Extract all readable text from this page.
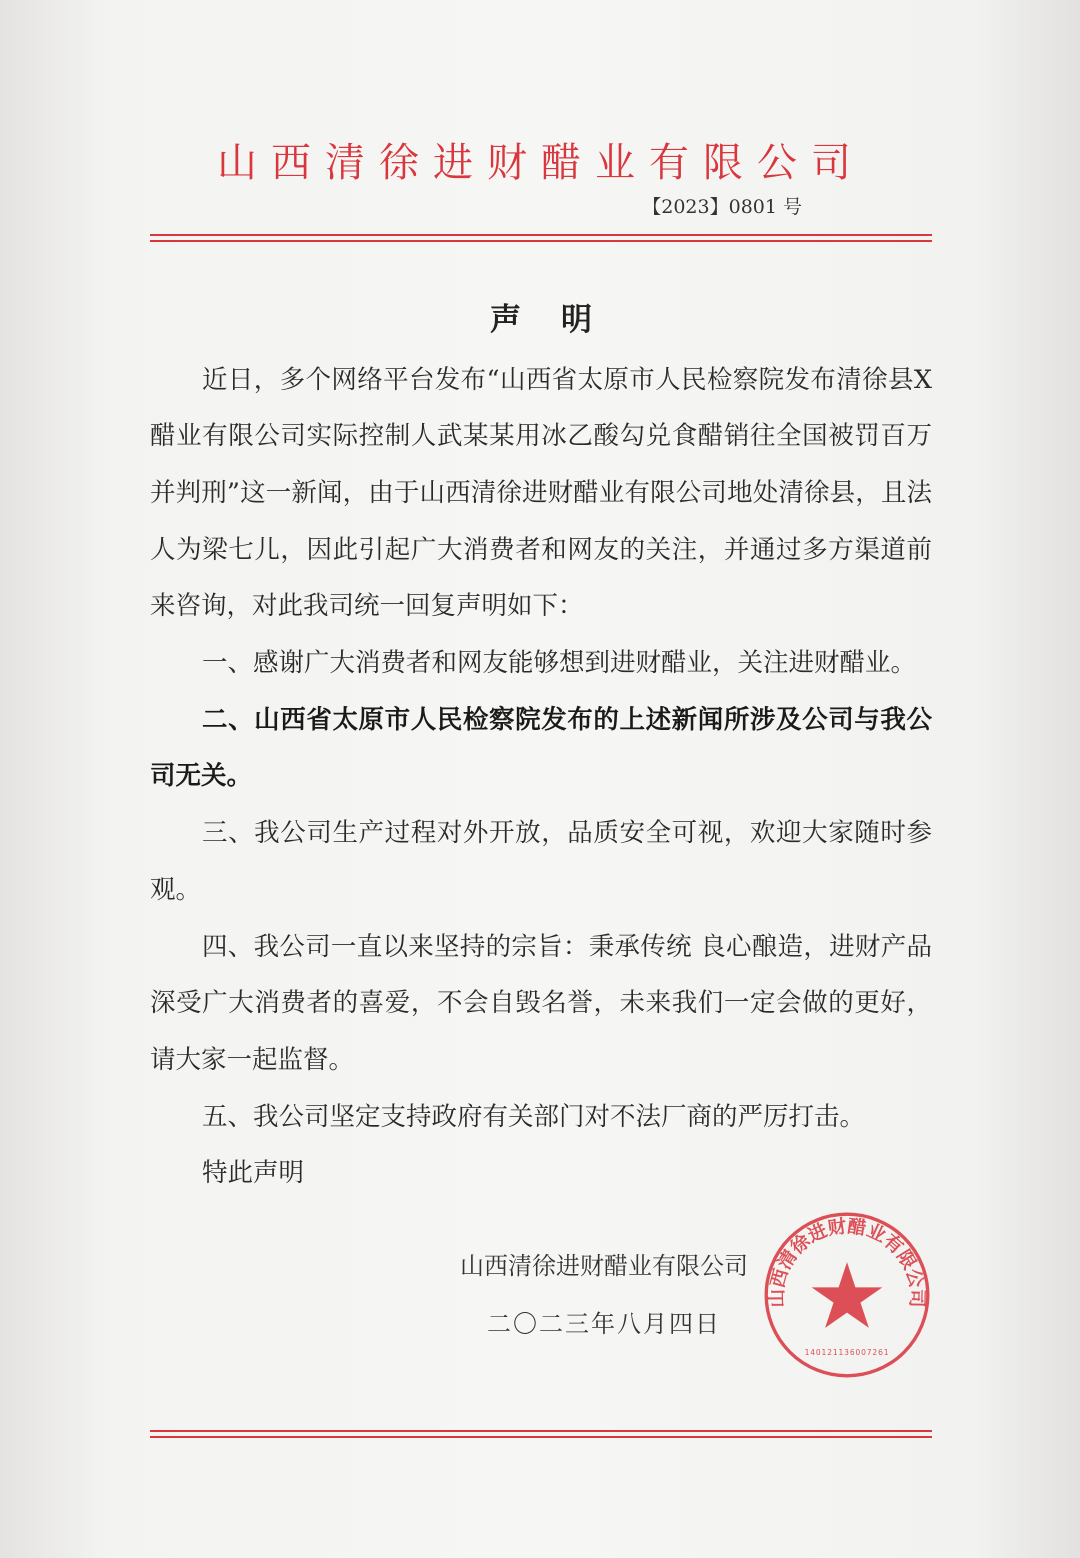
山西清徐进财醋业有限公司
【2023】0801 号
声明

近日，多个网络平台发布“山西省太原市人民检察院发布清徐县X醋业有限公司实际控制人武某某用冰乙酸勾兑食醋销往全国被罚百万并判刑”这一新闻，由于山西清徐进财醋业有限公司地处清徐县，且法人为梁七儿，因此引起广大消费者和网友的关注，并通过多方渠道前来咨询，对此我司统一回复声明如下：

一、感谢广大消费者和网友能够想到进财醋业，关注进财醋业。

二、山西省太原市人民检察院发布的上述新闻所涉及公司与我公司无关。

三、我公司生产过程对外开放，品质安全可视，欢迎大家随时参观。

四、我公司一直以来坚持的宗旨：秉承传统 良心酿造，进财产品深受广大消费者的喜爱，不会自毁名誉，未来我们一定会做的更好，请大家一起监督。

五、我公司坚定支持政府有关部门对不法厂商的严厉打击。

特此声明

山西清徐进财醋业有限公司
二〇二三年八月四日
山西清徐进财醋业有限公司
140121136007261
